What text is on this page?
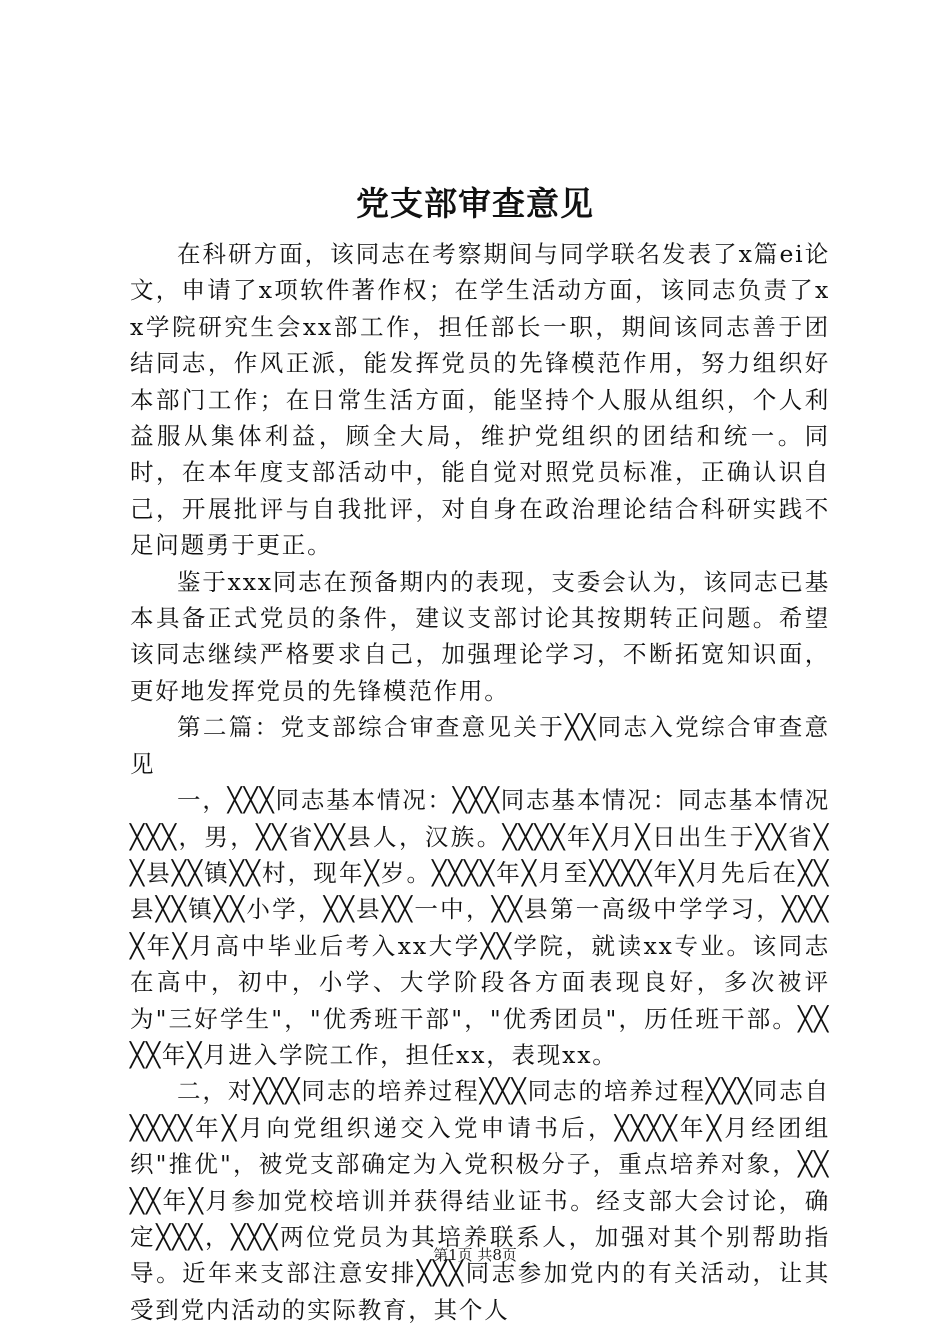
党支部审查意见

在科研方面，该同志在考察期间与同学联名发表了x篇ei论文，申请了x项软件著作权；在学生活动方面，该同志负责了xx学院研究生会xx部工作，担任部长一职，期间该同志善于团结同志，作风正派，能发挥党员的先锋模范作用，努力组织好本部门工作；在日常生活方面，能坚持个人服从组织，个人利益服从集体利益，顾全大局，维护党组织的团结和统一。同时，在本年度支部活动中，能自觉对照党员标准，正确认识自己，开展批评与自我批评，对自身在政治理论结合科研实践不足问题勇于更正。

鉴于xxx同志在预备期内的表现，支委会认为，该同志已基本具备正式党员的条件，建议支部讨论其按期转正问题。希望该同志继续严格要求自己，加强理论学习，不断拓宽知识面，更好地发挥党员的先锋模范作用。

第二篇：党支部综合审查意见关于╳╳同志入党综合审查意见

一，╳╳╳同志基本情况：╳╳╳同志基本情况：同志基本情况╳╳╳，男，╳╳省╳╳县人，汉族。╳╳╳╳年╳月╳日出生于╳╳省╳╳县╳╳镇╳╳村，现年╳岁。╳╳╳╳年╳月至╳╳╳╳年╳月先后在╳╳县╳╳镇╳╳小学，╳╳县╳╳一中，╳╳县第一高级中学学习，╳╳╳╳年╳月高中毕业后考入xx大学╳╳学院，就读xx专业。该同志在高中，初中，小学、大学阶段各方面表现良好，多次被评为"三好学生"，"优秀班干部"，"优秀团员"，历任班干部。╳╳╳╳年╳月进入学院工作，担任xx，表现xx。

二，对╳╳╳同志的培养过程╳╳╳同志的培养过程╳╳╳同志自╳╳╳╳年╳月向党组织递交入党申请书后，╳╳╳╳年╳月经团组织"推优"，被党支部确定为入党积极分子，重点培养对象，╳╳╳╳年╳月参加党校培训并获得结业证书。经支部大会讨论，确定╳╳╳，╳╳╳两位党员为其培养联系人，加强对其个别帮助指导。近年来支部注意安排╳╳╳同志参加党内的有关活动，让其受到党内活动的实际教育，其个人

第1页 共8页
